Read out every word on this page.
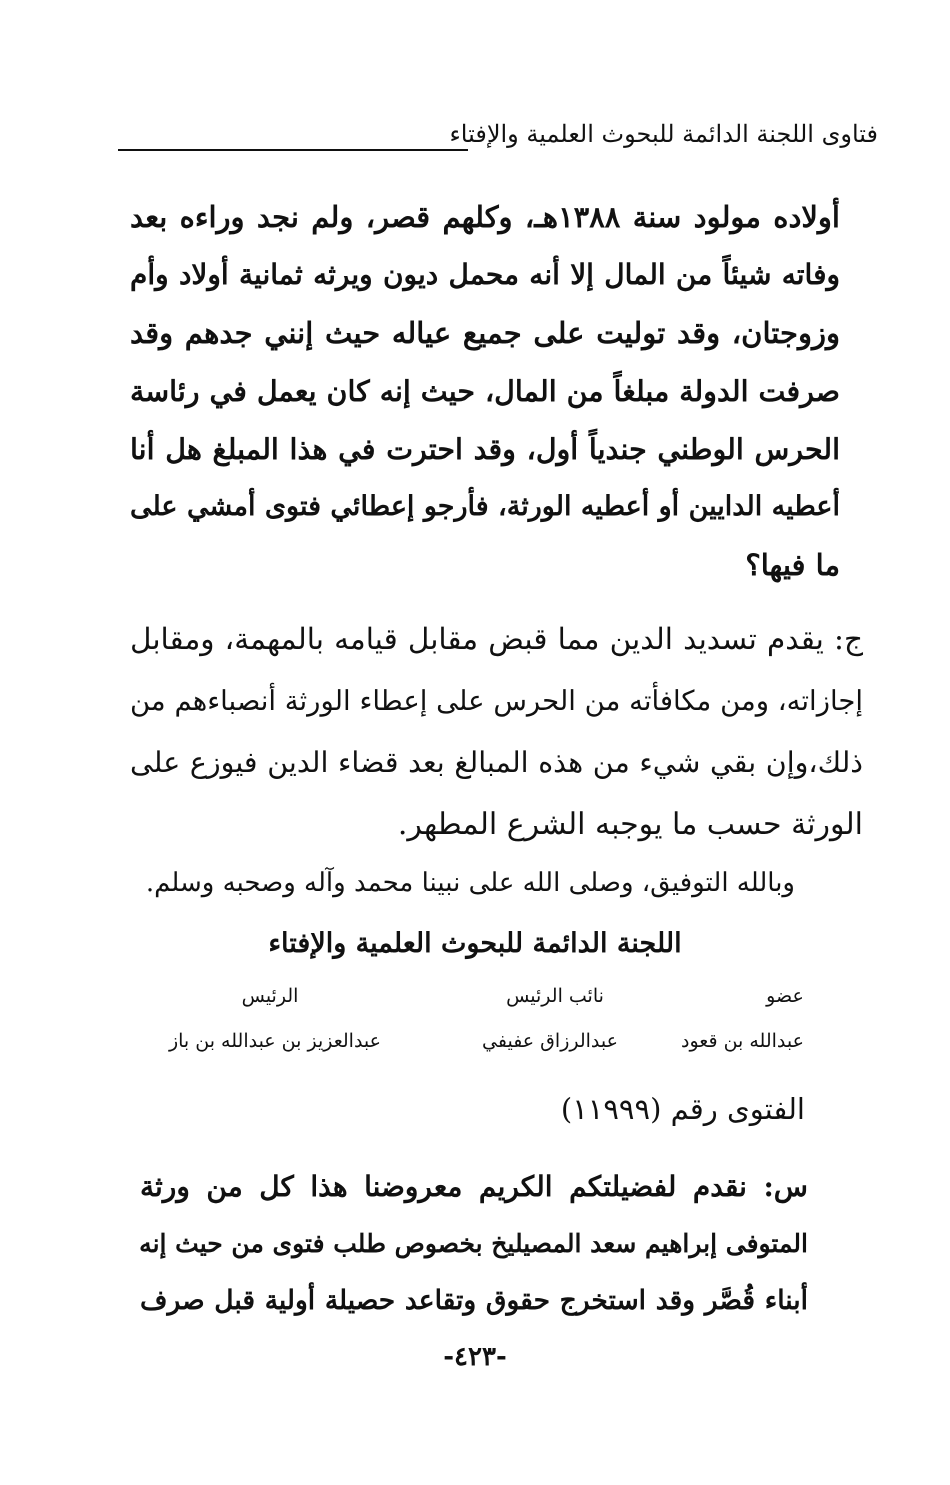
فتاوى اللجنة الدائمة للبحوث العلمية والإفتاء
أولاده مولود سنة ١٣٨٨هـ، وكلهم قصر، ولم نجد وراءه بعد
وفاته شيئاً من المال إلا أنه محمل ديون ويرثه ثمانية أولاد وأم
وزوجتان، وقد توليت على جميع عياله حيث إنني جدهم وقد
صرفت الدولة مبلغاً من المال، حيث إنه كان يعمل في رئاسة
الحرس الوطني جندياً أول، وقد احترت في هذا المبلغ هل أنا
أعطيه الدايين أو أعطيه الورثة، فأرجو إعطائي فتوى أمشي على
ما فيها؟
ج: يقدم تسديد الدين مما قبض مقابل قيامه بالمهمة، ومقابل
إجازاته، ومن مكافأته من الحرس على إعطاء الورثة أنصباءهم من
ذلك،وإن بقي شيء من هذه المبالغ بعد قضاء الدين فيوزع على
الورثة حسب ما يوجبه الشرع المطهر.
وبالله التوفيق، وصلى الله على نبينا محمد وآله وصحبه وسلم.
اللجنة الدائمة للبحوث العلمية والإفتاء
عضو
نائب الرئيس
الرئيس
عبدالله بن قعود
عبدالرزاق عفيفي
عبدالعزيز بن عبدالله بن باز
الفتوى رقم (١١٩٩٩)
س: نقدم لفضيلتكم الكريم معروضنا هذا كل من ورثة
المتوفى إبراهيم سعد المصيليخ بخصوص طلب فتوى من حيث إنه
أبناء قُصَّر وقد استخرج حقوق وتقاعد حصيلة أولية قبل صرف
-٤٢٣-
